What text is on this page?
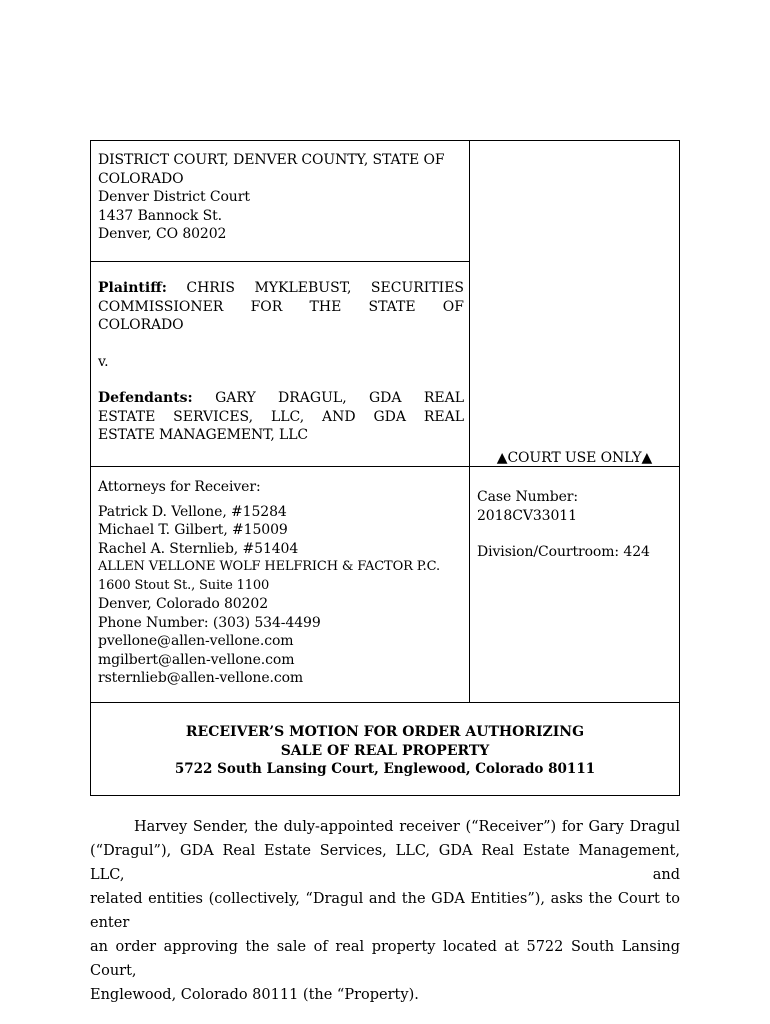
DISTRICT COURT, DENVER COUNTY, STATE OF
COLORADO
Denver District Court
1437 Bannock St.
Denver, CO 80202
Plaintiff: CHRIS MYKLEBUST, SECURITIES
COMMISSIONER FOR THE STATE OF
COLORADO
v.
Defendants: GARY DRAGUL, GDA REAL
ESTATE SERVICES, LLC, AND GDA REAL
ESTATE MANAGEMENT, LLC
▲COURT USE ONLY▲
Attorneys for Receiver:
Patrick D. Vellone, #15284
Michael T. Gilbert, #15009
Rachel A. Sternlieb, #51404
ALLEN VELLONE WOLF HELFRICH & FACTOR P.C.
1600 Stout St., Suite 1100
Denver, Colorado 80202
Phone Number: (303) 534-4499
pvellone@allen-vellone.com
mgilbert@allen-vellone.com
rsternlieb@allen-vellone.com
Case Number:
2018CV33011
Division/Courtroom: 424
RECEIVER’S MOTION FOR ORDER AUTHORIZING
SALE OF REAL PROPERTY
5722 South Lansing Court, Englewood, Colorado 80111
Harvey Sender, the duly-appointed receiver (“Receiver”) for Gary Dragul
(“Dragul”), GDA Real Estate Services, LLC, GDA Real Estate Management, LLC, and
related entities (collectively, “Dragul and the GDA Entities”), asks the Court to enter
an order approving the sale of real property located at 5722 South Lansing Court,
Englewood, Colorado 80111 (the “Property).
